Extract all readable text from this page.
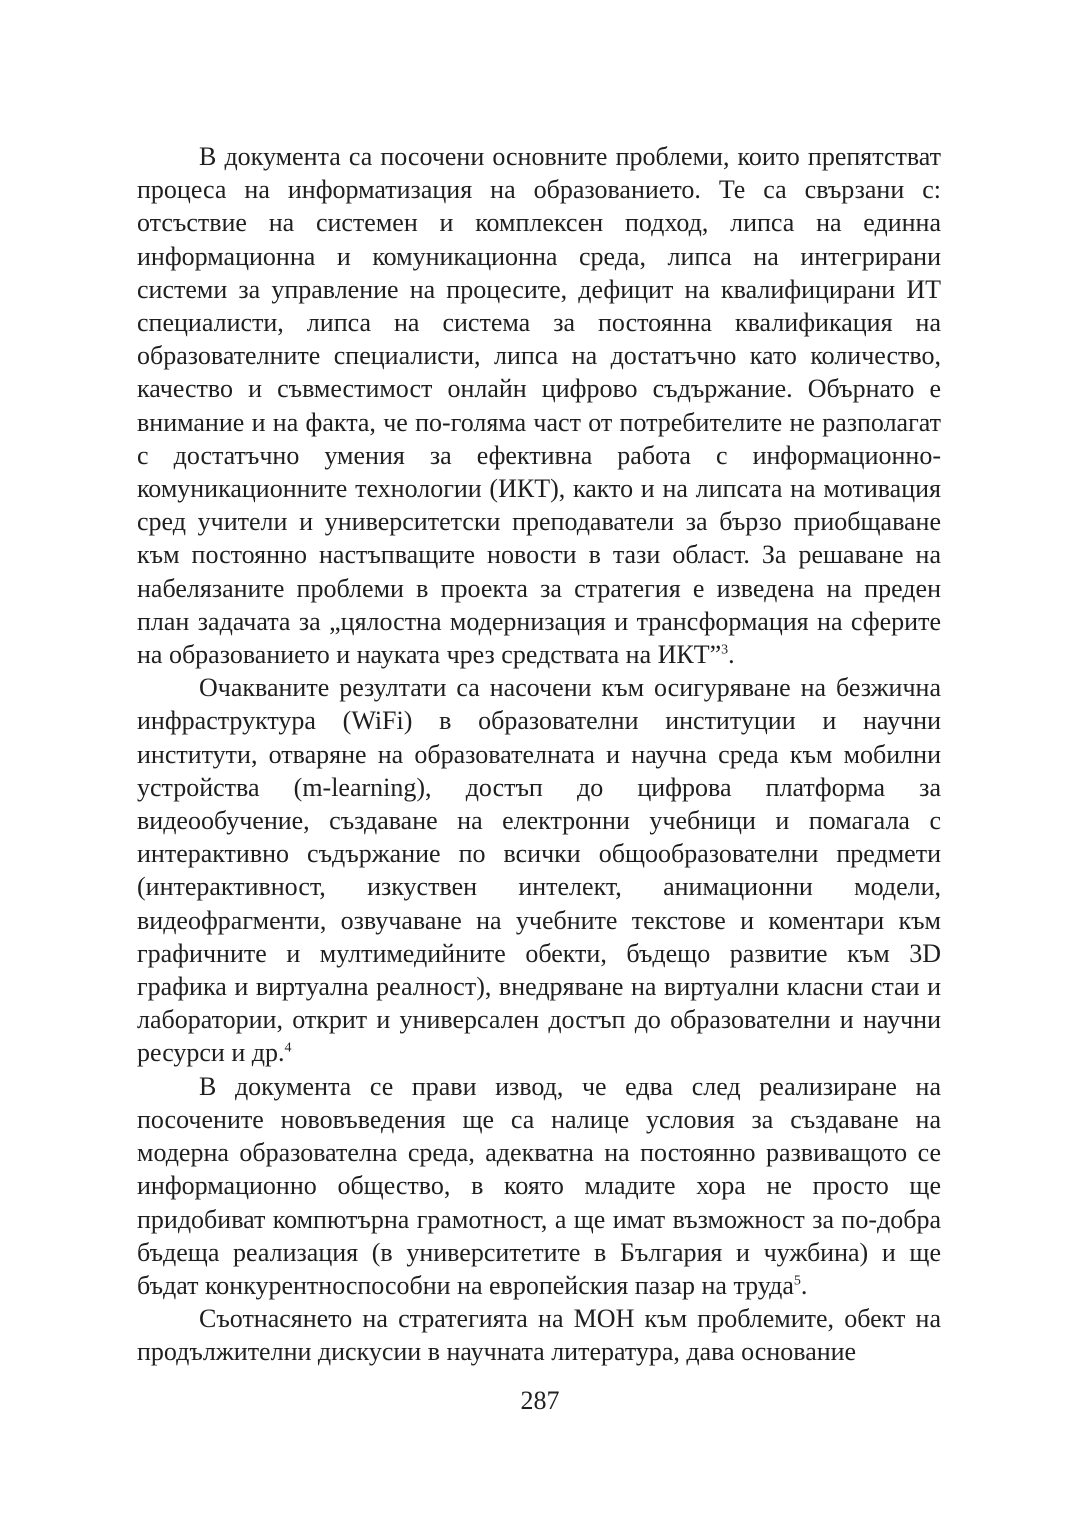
В документа са посочени основните проблеми, които препятстват процеса на информатизация на образованието. Те са свързани с: отсъствие на системен и комплексен подход, липса на единна информационна и комуникационна среда, липса на интегрирани системи за управление на процесите, дефицит на квалифицирани ИТ специалисти, липса на система за постоянна квалификация на образователните специалисти, липса на достатъчно като количество, качество и съвместимост онлайн цифрово съдържание. Обърнато е внимание и на факта, че по-голяма част от потребителите не разполагат с достатъчно умения за ефективна работа с информационно-комуникационните технологии (ИКТ), както и на липсата на мотивация сред учители и университетски преподаватели за бързо приобщаване към постоянно настъпващите новости в тази област. За решаване на набелязаните проблеми в проекта за стратегия е изведена на преден план задачата за „цялостна модернизация и трансформация на сферите на образованието и науката чрез средствата на ИКТ”$^3$.

Очакваните резултати са насочени към осигуряване на безжична инфраструктура (WiFi) в образователни институции и научни институти, отваряне на образователната и научна среда към мобилни устройства (m-learning), достъп до цифрова платформа за видеообучение, създаване на електронни учебници и помагала с интерактивно съдържание по всички общообразователни предмети (интерактивност, изкуствен интелект, анимационни модели, видеофрагменти, озвучаване на учебните текстове и коментари към графичните и мултимедийните обекти, бъдещо развитие към 3D графика и виртуална реалност), внедряване на виртуални класни стаи и лаборатории, открит и универсален достъп до образователни и научни ресурси и др.$^4$

В документа се прави извод, че едва след реализиране на посочените нововъведения ще са налице условия за създаване на модерна образователна среда, адекватна на постоянно развиващото се информационно общество, в която младите хора не просто ще придобиват компютърна грамотност, а ще имат възможност за по-добра бъдеща реализация (в университетите в България и чужбина) и ще бъдат конкурентноспособни на европейския пазар на труда$^5$.

Съотнасянето на стратегията на МОН към проблемите, обект на продължителни дискусии в научната литература, дава основание

287
